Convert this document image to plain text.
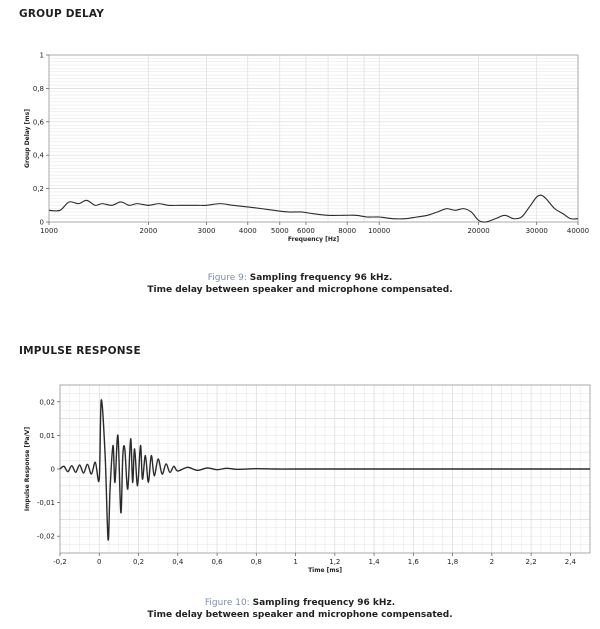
GROUP DELAY
0
0,2
0,4
0,6
0,8
1
1000	2000	3000	4000 5000 6000	8000 10000	20000	30000	40000
Frequency [Hz]
Group Delay [ms]
Figure 9: Sampling frequency 96 kHz.
Time delay between speaker and microphone compensated.
IMPULSE RESPONSE
-0,02
-0,01
0
0,01
0,02
-0,2	0	0,2	0,4	0,6	0,8	1	1,2	1,4	1,6	1,8	2	2,2	2,4
Time [ms]
Impulse Response [Pa/V]
Figure 10: Sampling frequency 96 kHz.
Time delay between speaker and microphone compensated.
